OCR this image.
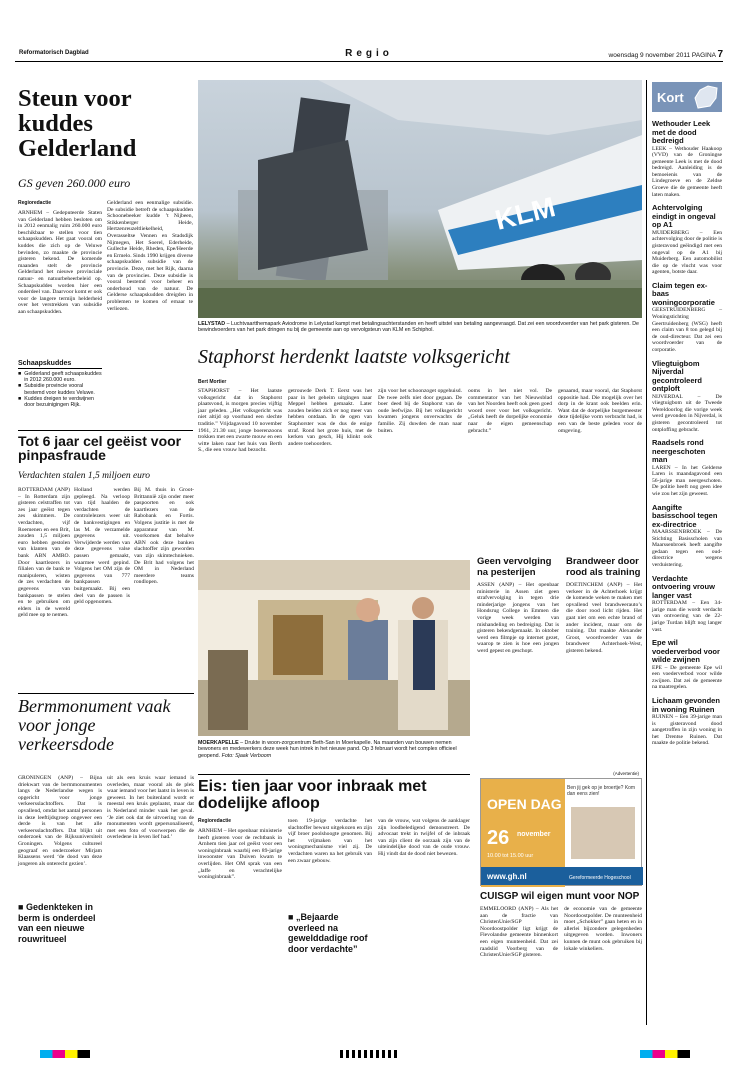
Reformatorisch Dagblad	Regio	woensdag 9 november 2011 PAGINA 7
Steun voor kuddes Gelderland
GS geven 260.000 euro
Regioredactie
ARNHEM – Gedeputeerde Staten van Gelderland hebben besloten om in 2012 eenmalig ruim 260.000 euro beschikbaar te stellen voor tien schaapskudden. Het gaat vooral om kuddes die zich op de Veluwe bevinden, zo maakte de provincie gisteren bekend. De komende maanden stelt de provincie Gelderland het nieuwe provinciale natuur- en natuurbeheerbeleid op. Schaapskuddes worden hier een onderdeel van. Daarvoor komt er ook voor de langere termijn helderheid over het verstrekken van subsidie aan schaapskudden.
Gelderland een eenmalige subsidie. De subsidie betreft de schaapskudden Schoonebeeker kudde ’t Nijbeen, Stikkenberger Heide, Hertzenreuzeltliekelheid, Overasseltse Vennen en Stadsdijk Nijmegen, Het Soerel, Ederheide, Gulleche Heide, Rheden, Epe/Heerde en Ermelo. Sinds 1990 krijgen diverse schaapskudden subsidie van de provincie. Deze, met het Rijk, daarna van de provincies. Deze subsidie is vooral bestemd voor beheer en onderhoud van de natuur. De Gelderse schaapskudden dreigden in problemen te komen of ernaar te verliezen.
Schaapskuddes
■ Gelderland geeft schaapskuddes in 2012 260.000 euro.
■ Subsidie provincie vooral bestemd voor kuddes Veluwe.
■ Kuddes dreigen te verdwijnen door bezuinigingen Rijk.
Tot 6 jaar cel geëist voor pinpasfraude
Verdachten stalen 1,5 miljoen euro
ROTTERDAM (ANP) – In Rotterdam zijn gisteren celstraffen tot zes jaar geëist tegen zes skimmers. De verdachten, vijf Roemenen en een Brit, zouden 1,5 miljoen euro hebben gestolen van klanten van de bank ABN AMRO. Door kaartlezers in filialen van de bank te manipuleren, wisten de zes verdachten de gegevens van bankpassen te stelen en te gebruiken om elders in de wereld geld mee op te nemen.
Holland werden gepleegd. Na verloop van tijd haalden de verdachten de controlelezers weer uit de bankvestigingen en las M. de verzamelde gegevens uit. Verwijderde werden van deze gegevens valse passen gemaakt, waarmee werd gepind. Volgens het OM zijn de gegevens van 777 bankpassen buitgemaakt. Bij een deel van de passen is geld opgenomen.
Bij M. thuis in Groot-Brittannië zijn onder meer paspoorten en ook kaartlezers van de Rabobank en Fortis. Volgens justitie is met de apparatuur van M. voorkomen dat behalve ABN ook deze banken slachtoffer zijn geworden van zijn skimtechnieken. De Brit had volgens het OM in Nederland meerdere teams rondlopen.
Bermmonument vaak voor jonge verkeersdode
GRONINGEN (ANP) – Bijna driekwart van de bermmonumenten langs de Nederlandse wegen is opgericht voor jonge verkeersslachtoffers. Dat is opvallend, omdat het aantal personen in deze leeftijdsgroep ongeveer een derde is van het alle verkeersslachtoffers. Dat blijkt uit onderzoek van de Rijksuniversiteit Groningen. Volgens cultureel geograaf en onderzoeker Mirjam Klaassens werd ‘de dood van deze jongeren als onterecht gezien’.
uit als een kruis waar iemand is overleden, maar vooral als de plek waar iemand voor het laatst in leven is geweest. In het buitenland wordt er meestal een kruis geplaatst, maar dat is Nederland minder vaak het geval. ‘Je ziet ook dat de uitvoering van de monumenten wordt gepersonaliseerd, met een foto of voorwerpen die de overledene in leven lief had.’
■ Gedenkteken in berm is onderdeel van een nieuwe rouwritueel
KLM
LELYSTAD – Luchtvaartthemapark Aviodrome in Lelystad kampt met betalingsachterstanden en heeft uitstel van betaling aangevraagd. Dat zei een woordvoerder van het park gisteren. De bewindvoerders van het park dringen nu bij de gemeente aan op vervolgsteun van KLM en Schiphol.
Staphorst herdenkt laatste volksgericht
Bert Mortier
STAPHORST – Het laatste volksgericht dat in Staphorst plaatsvond, is morgen precies vijftig jaar geleden. „Het volksgericht was niet altijd op voorhand een slechte traditie.” Vrijdagavond 10 november 1961, 21.30 uur, jonge boerenzoons trokken met een zwarte mouw en een witte laken naar het huis van Berth S., die een vrouw had bezocht.
getrouwde Derk T. Eerst was het paar in het geheim uitgingen naar Meppel hebben gemaakt. Later zouden beiden zich er nog meer van hebben ontdaan. In de ogen van Staphorster was de dus de enige straf. Rond het grote huis, met de kerken van gesch, Hij klinkt ook andere toehoorders.
zijn voor het schoonzoget opgehuisd. De twee zelfs niet door gegaan. De boer deed bij de Staphorst van de oude leefwijze. Bij het volksgericht kwamen jongens onverwachts de familie. Zij duwden de man naar buiten.
ooms in het niet vol. De commentator van het Nieuwsblad van het Noorden heeft ook geen goed woord over voor het volksgericht. „Geluk heeft de dorpelijke economie naar de eigen gemeenschap gebracht.”
genaamd, maar vooral, dat Staphorst oppositie had. Die mogelijk over het dorp in de krant ook beelden erin. Want dat de dorpelijke burgemeester deze tijdelijke vorm verbracht had, is een van de beste geleden voor de omgeving.
MOERKAPELLE – Drukte in woon-zorgcentrum Beth-San in Moerkapelle. Na maanden van bouwen nemen bewoners en medewerkers deze week hun intrek in het nieuwe pand. Op 3 februari wordt het complex officieel geopend. Foto: Sjaak Verboom
Geen vervolging na pesterijen
ASSEN (ANP) – Het openbaar ministerie in Assen ziet geen strafvervolging in tegen drie minderjarige jongens van het Hondsrug College in Emmen die vorige week werden van mishandeling en bedreiging. Dat is gisteren bekendgemaakt. In oktober werd een filmpje op internet gezet, waarop te zien is hoe een jongen werd gepest en geschopt.
Brandweer door rood als training
DOETINCHEM (ANP) – Het verkeer in de Achterhoek krijgt de komende weken te maken met opvallend veel brandweerauto’s die door rood licht rijden. Het gaat niet om een echte brand of ander incident, maar om de training. Dat maakte Alexander Groot, woordvoerder van de brandweer Achterhoek-West, gisteren bekend.
Eis: tien jaar voor inbraak met dodelijke afloop
Regioredactie
ARNHEM – Het openbaar ministerie heeft gisteren voor de rechtbank in Arnhem tien jaar cel geëist voor een woninginbraak waarbij een 89-jarige inwoonster van Duiven kwam te overlijden. Het OM sprak van een „laffe en verachtelijke woninginbraak”.
toen 19-jarige verdachte het slachtoffer bewust uitgekozen en zijn vijf broer poolshoogte genomen. Bij het vrijmaken van het woningmechanisme viel zij. De verdachten waren na het gebruik van een zwaar gebouw.
■ „Bejaarde overleed na gewelddadige roof door verdachte”
van de vrouw, wat volgens de aanklager zijn loodbeledigend demonstreert. De advocaat trekt in twijfel of de inbraak van zijn client de oorzaak zijn van de uiteindelijke dood van de oude vrouw. Hij vindt dat de dood niet bewezen.
(Advertentie)
OPEN DAG
26 november
10.00 tot 15.00 uur
Ben jij gek op je broertje? Kom dan eens zien!
www.gh.nl	Gereformeerde Hogeschool
CUISGP wil eigen munt voor NOP
EMMELOORD (ANP) – Als het aan de fractie van ChristenUnie/SGP in Noordoostpolder ligt krijgt de Flevolandse gemeente binnenkort een eigen munteenheid. Dat zei raadslid Voorberg van de ChristenUnie/SGP gisteren.
de economie van de gemeente Noordoostpolder. De munteenheid moet „Schokker” gaan heten en in allerlei bijzondere gelegenheden uitgegeven worden. Inwoners kunnen de munt ook gebruiken bij lokale winkeliers.
Kort
Wethouder Leek met de dood bedreigd
LEEK – Wethouder Haakoop (VVD) van de Groningse gemeente Leek is met de dood bedreigd. Aanleiding is de bemoeienis van de Lindegroeve en de Zeldse Groeve die de gemeente heeft laten maken.
Achtervolging eindigt in ongeval op A1
MUIDERBERG – Een achtervolging door de politie is gisteravond geëindigd met een ongeval op de A1 bij Muiderberg. Een automobilist die op de vlucht was voor agenten, botste daar.
Claim tegen ex-baas woningcorporatie
GEESTRUIDENBERG – Woningstichting Geertruidenberg (WSG) heeft een claim van 8 ton gelegd bij de oud-directeur. Dat zei een woordvoerder van de corporatie.
Vliegtuigbom Nijverdal gecontroleerd ontploft
NIJVERDAL – De vliegtuigbom uit de Tweede Wereldoorlog die vorige week werd gevonden in Nijverdal, is gisteren gecontroleerd tot ontploffing gebracht.
Raadsels rond neergeschoten man
LAREN – In het Gelderse Laren is maandagavond een 56-jarige man neergeschoten. De politie heeft nog geen idee wie zou het zijn geweest.
Aangifte basisschool tegen ex-directrice
MAARSSENBROEK – De Stichting Basisscholen van Maarssenbroek heeft aangifte gedaan tegen een oud-directrice wegens verduistering.
Verdachte ontvoering vrouw langer vast
ROTTERDAM – Een 34-jarige man die wordt verdacht van ontvoering van de 22-jarige Turdan blijft nog langer vast.
Epe wil voederverbod voor wilde zwijnen
EPE – De gemeente Epe wil een voederverbod voor wilde zwijnen. Dat zei de gemeente na maatregelen.
Lichaam gevonden in woning Ruinen
RUINEN – Een 39-jarige man is gisteravond dood aangetroffen in zijn woning in het Drentse Ruinen. Dat maakte de politie bekend.
